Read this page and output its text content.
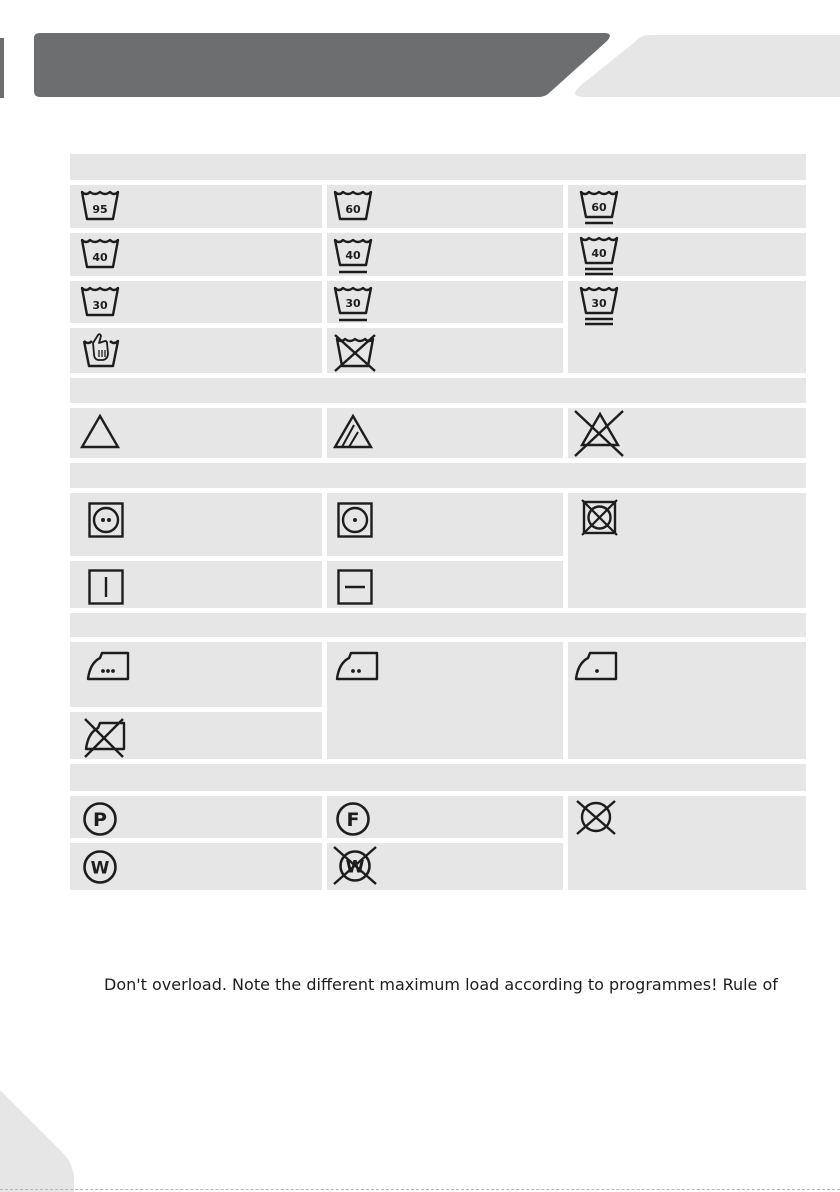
95	60	60
40	40	40
30	30	30
P	F
W	W
Don't overload. Note the different maximum load according to programmes! Rule of
